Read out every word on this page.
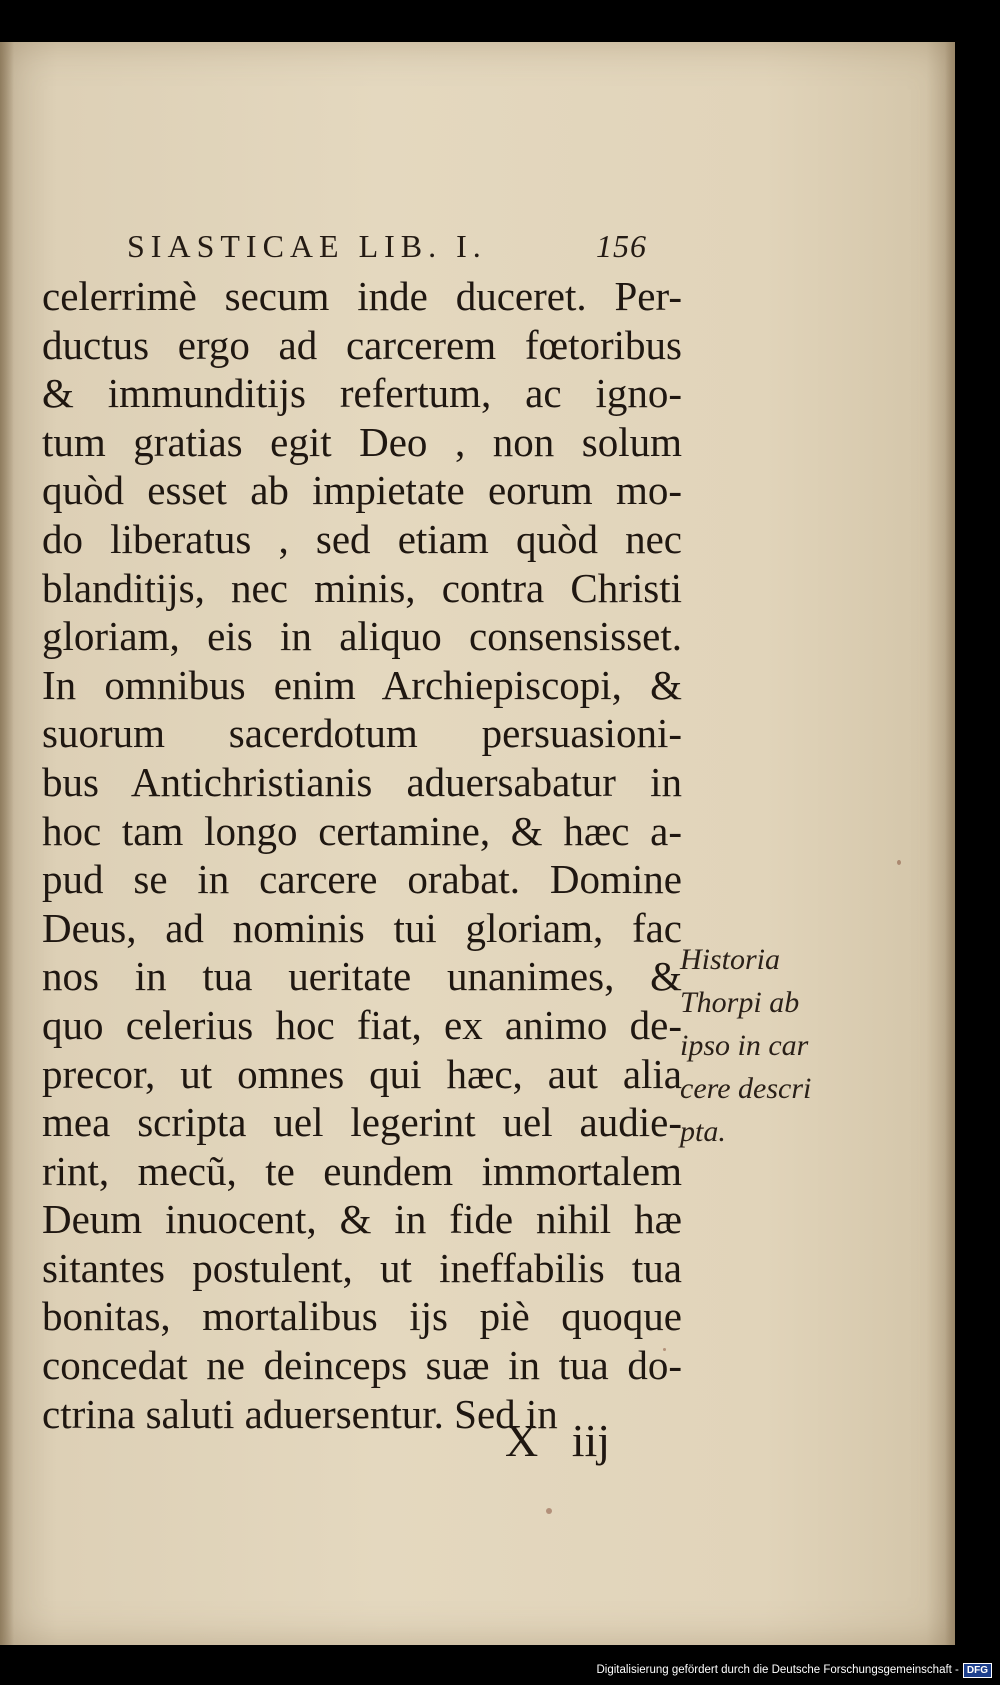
SIASTICAE LIB. I.	156
celerrimè secum inde duceret. Per-
ductus ergo ad carcerem fœtoribus
& immunditijs refertum, ac igno-
tum gratias egit Deo , non solum
quòd esset ab impietate eorum mo-
do liberatus , sed etiam quòd nec
blanditijs, nec minis, contra Christi
gloriam, eis in aliquo consensisset.
In omnibus enim Archiepiscopi, &
suorum sacerdotum persuasioni-
bus Antichristianis aduersabatur in
hoc tam longo certamine, & hæc a-
pud se in carcere orabat. Domine
Deus, ad nominis tui gloriam, fac
nos in tua ueritate unanimes, &
quo celerius hoc fiat, ex animo de-
precor, ut omnes qui hæc, aut alia
mea scripta uel legerint uel audie-
rint, mecũ, te eundem immortalem
Deum inuocent, & in fide nihil hæ
sitantes postulent, ut ineffabilis tua
bonitas, mortalibus ijs piè quoque
concedat ne deinceps suæ in tua do-
ctrina saluti aduersentur. Sed in
Historia
Thorpi ab
ipso in car
cere descri
pta.
X iij
Digitalisierung gefördert durch die Deutsche Forschungsgemeinschaft - DFG
